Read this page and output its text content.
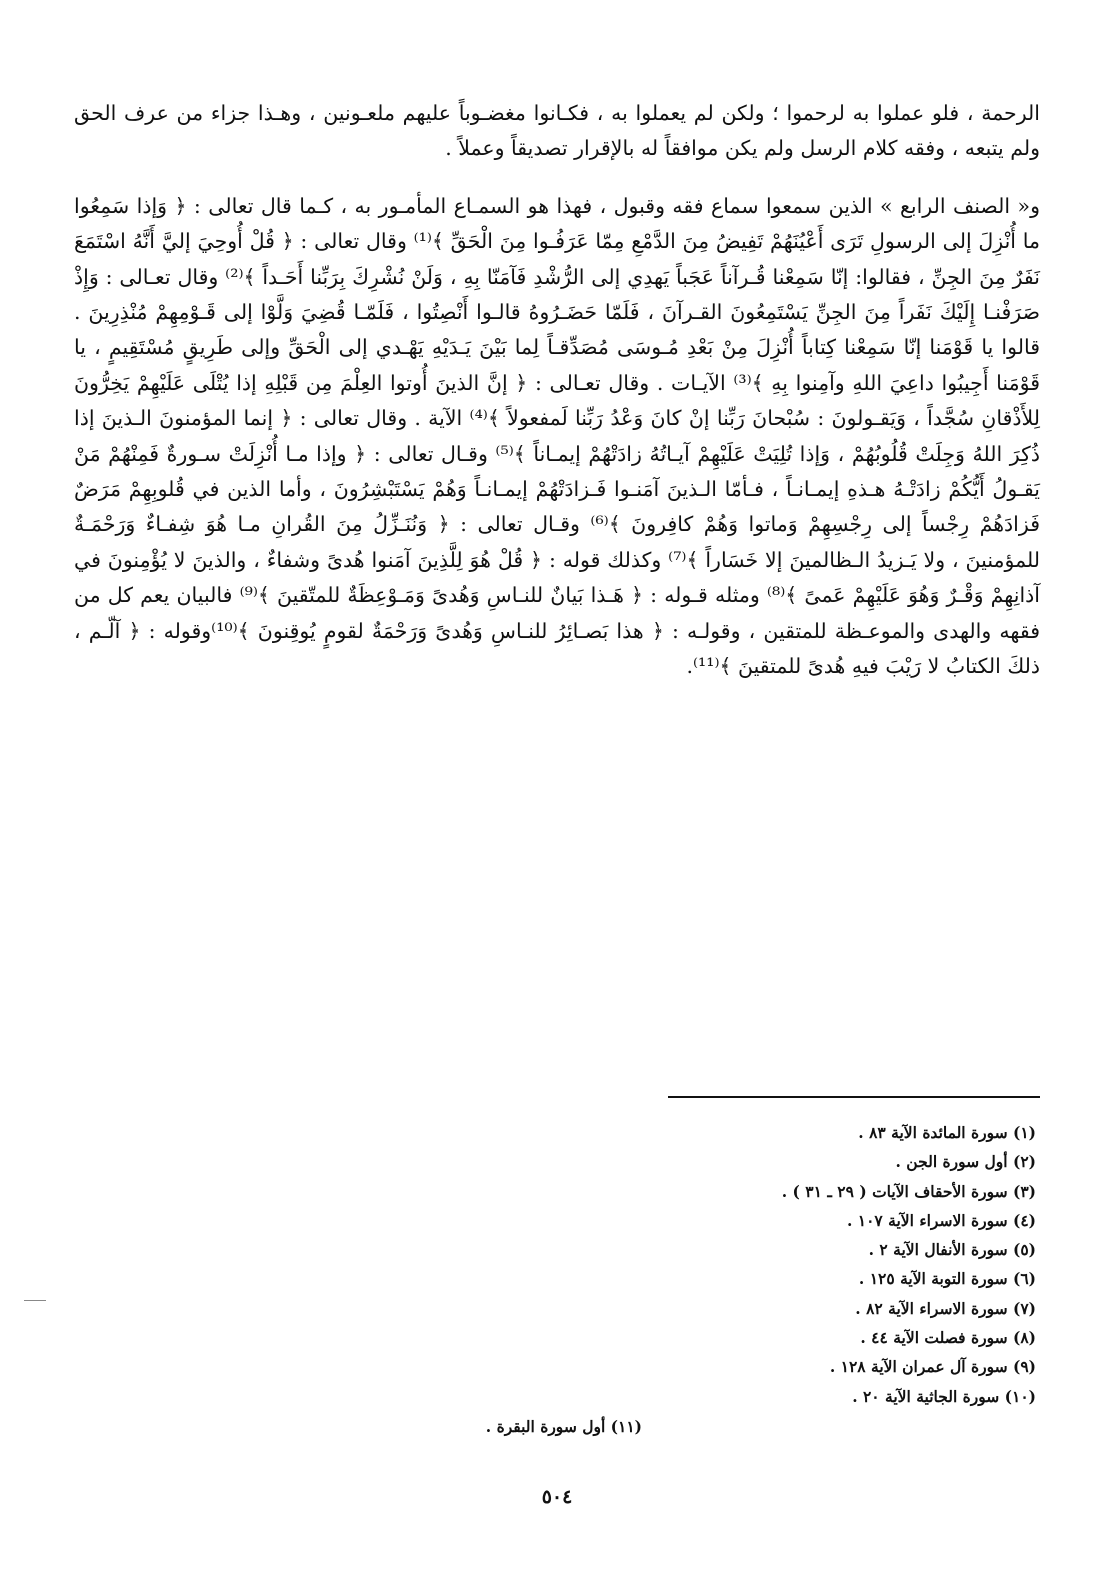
الرحمة ، فلو عملوا به لرحموا ؛ ولكن لم يعملوا به ، فكـانوا مغضـوباً عليهم ملعـونين ، وهـذا جزاء من عرف الحق ولم يتبعه ، وفقه كلام الرسل ولم يكن موافقاً له بالإقرار تصديقاً وعملاً .

و« الصنف الرابع » الذين سمعوا سماع فقه وقبول ، فهذا هو السمـاع المأمـور به ، كـما قال تعالى : ﴿ وَإذا سَمِعُوا ما أُنْزِلَ إلى الرسولِ تَرَى أَعْيُنَهُمْ تَفِيضُ مِنَ الدَّمْعِ مِمّا عَرَفُـوا مِنَ الْحَقِّ ﴾⁽¹⁾ وقال تعالى : ﴿ قُلْ أُوحِيَ إليَّ أَنَّهُ اسْتَمَعَ نَفَرٌ مِنَ الجِنِّ ، فقالوا: إنّا سَمِعْنا قُـرآناً عَجَباً يَهدِي إلى الرُّشْدِ فَآمَنّا بِهِ ، وَلَنْ نُشْرِكَ بِرَبِّنا أَحَـداً ﴾⁽²⁾ وقال تعـالى : وَإِذْ صَرَفْنـا إِلَيْكَ نَفَراً مِنَ الجِنِّ يَسْتَمِعُونَ القـرآنَ ، فَلَمّا حَضَـرُوهُ قالـوا أَنْصِتُوا ، فَلَمّـا قُضِيَ وَلَّوْا إلى قَـوْمِهِمْ مُنْذِرِينَ . قالوا يا قَوْمَنا إنّا سَمِعْنا كِتاباً أُنْزِلَ مِنْ بَعْدِ مُـوسَى مُصَدِّقـاً لِما بَيْنَ يَـدَيْهِ يَهْـدي إلى الْحَقِّ وإلى طَرِيقٍ مُسْتَقِيمٍ ، يا قَوْمَنا أَجِيبُوا داعِيَ اللهِ وآمِنوا بِهِ ﴾⁽³⁾ الآيـات . وقال تعـالى : ﴿ إنَّ الذينَ أُوتوا العِلْمَ مِن قَبْلِهِ إذا يُتْلَى عَلَيْهِمْ يَخِرُّونَ لِلأَذْقانِ سُجَّداً ، وَيَقـولونَ : سُبْحانَ رَبِّنا إنْ كانَ وَعْدُ رَبِّنا لَمفعولاً ﴾⁽⁴⁾ الآية . وقال تعالى : ﴿ إنما المؤمنونَ الـذينَ إذا ذُكِرَ اللهُ وَجِلَتْ قُلُوبُهُمْ ، وَإذا تُلِيَتْ عَلَيْهِمْ آيـاتُهُ زادَتْهُمْ إيمـاناً ﴾⁽⁵⁾ وقـال تعالى : ﴿ وإذا مـا أُنْزِلَتْ سـورةٌ فَمِنْهُمْ مَنْ يَقـولُ أَيُّكُمْ زادَتْـهُ هـذهِ إيمـانـاً ، فـأمّا الـذينَ آمَنـوا فَـزادَتْهُمْ إيمـانـاً وَهُمْ يَسْتَبْشِرُونَ ، وأما الذين في قُلوبِهِمْ مَرَضٌ فَزادَهُمْ رِجْساً إلى رِجْسِهِمْ وَماتوا وَهُمْ كافِرونَ ﴾⁽⁶⁾ وقـال تعالى : ﴿ وَنُنَـزِّلُ مِنَ القُرانِ مـا هُوَ شِفـاءٌ وَرَحْمَـةٌ للمؤمنينَ ، ولا يَـزيدُ الـظالمينَ إلا خَسَاراً ﴾⁽⁷⁾ وكذلك قوله : ﴿ قُلْ هُوَ لِلَّذِينَ آمَنوا هُدىً وشفاءٌ ، والذينَ لا يُؤْمِنونَ في آذانِهِمْ وَقْـرٌ وَهُوَ عَلَيْهِمْ عَمىً ﴾⁽⁸⁾ ومثله قـوله : ﴿ هَـذا بَيانٌ للنـاسِ وَهُدىً وَمَـوْعِظَةٌ للمتّقينَ ﴾⁽⁹⁾ فالبيان يعم كل من فقهه والهدى والموعـظة للمتقين ، وقولـه : ﴿ هذا بَصـائِرُ للنـاسِ وَهُدىً وَرَحْمَةٌ لقومٍ يُوقِنونَ ﴾⁽¹⁰⁾وقوله : ﴿ آلّـم ، ذلكَ الكتابُ لا رَيْبَ فيهِ هُدىً للمتقينَ ﴾⁽¹¹⁾.

(١) سورة المائدة الآية ٨٣ .
(٢) أول سورة الجن .
(٣) سورة الأحقاف الآيات ( ٢٩ ـ ٣١ ) .
(٤) سورة الاسراء الآية ١٠٧ .
(٥) سورة الأنفال الآية ٢ .
(٦) سورة التوبة الآية ١٢٥ .
(٧) سورة الاسراء الآية ٨٢ .
(٨) سورة فصلت الآية ٤٤ .
(٩) سورة آل عمران الآية ١٢٨ .
(١٠) سورة الجاثية الآية ٢٠ .
(١١) أول سورة البقرة .
٥٠٤
